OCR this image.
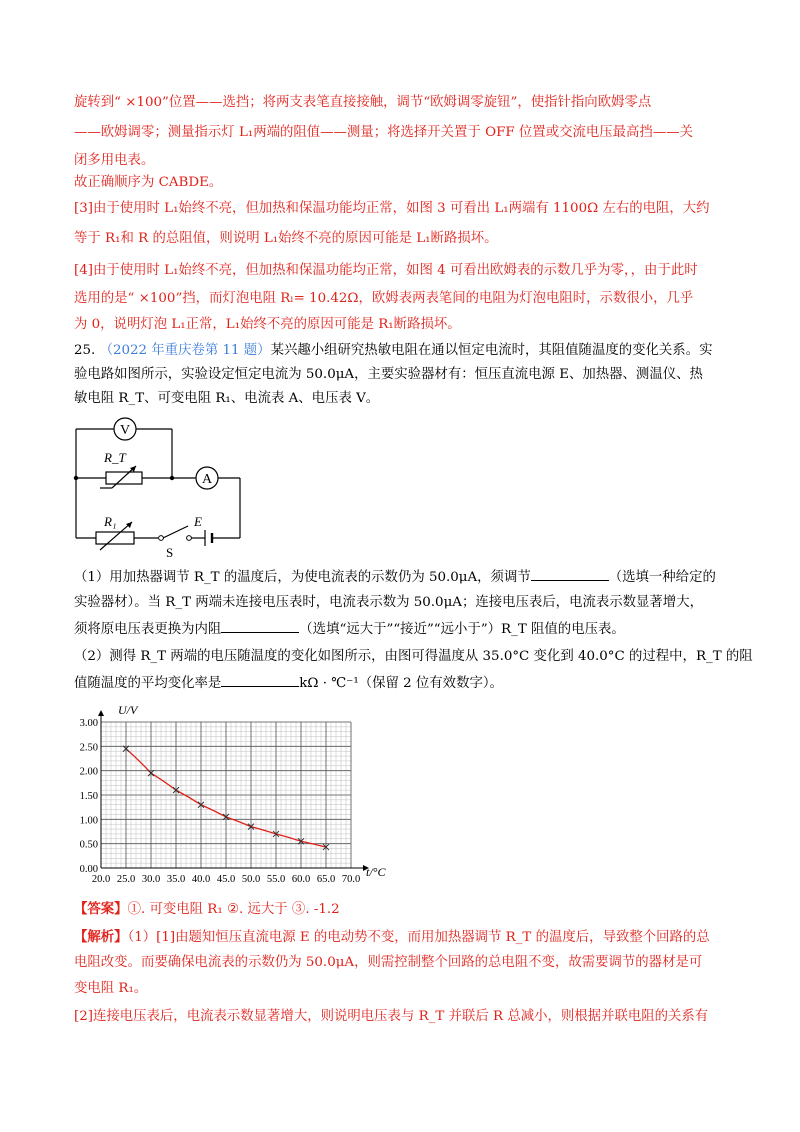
旋转到“ ×100”位置——选挡；将两支表笔直接接触，调节“欧姆调零旋钮”，使指针指向欧姆零点
——欧姆调零；测量指示灯 L₁两端的阻值——测量；将选择开关置于 OFF 位置或交流电压最高挡——关
闭多用电表。
故正确顺序为 CABDE。
[3]由于使用时 L₁始终不亮，但加热和保温功能均正常，如图 3 可看出 L₁两端有 1100Ω 左右的电阻，大约
等于 R₁和 R 的总阻值，则说明 L₁始终不亮的原因可能是 L₁断路损坏。
[4]由于使用时 L₁始终不亮，但加热和保温功能均正常，如图 4 可看出欧姆表的示数几乎为零，，由于此时
选用的是“ ×100”挡，而灯泡电阻 Rₗ= 10.42Ω，欧姆表两表笔间的电阻为灯泡电阻时，示数很小，几乎
为 0，说明灯泡 L₁正常，L₁始终不亮的原因可能是 R₁断路损坏。
25. （2022 年重庆卷第 11 题）某兴趣小组研究热敏电阻在通以恒定电流时，其阻值随温度的变化关系。实
验电路如图所示，实验设定恒定电流为 50.0μA，主要实验器材有：恒压直流电源 E、加热器、测温仪、热
敏电阻 R_T、可变电阻 R₁、电流表 A、电压表 V。
V
A
R_T
R₁
S
E
（1）用加热器调节 R_T 的温度后，为使电流表的示数仍为 50.0μA，须调节	（选填一种给定的
实验器材）。当 R_T 两端未连接电压表时，电流表示数为 50.0μA；连接电压表后，电流表示数显著增大，
须将原电压表更换为内阻	（选填“远大于”“接近”“远小于”）R_T 阻值的电压表。
（2）测得 R_T 两端的电压随温度的变化如图所示，由图可得温度从 35.0°C 变化到 40.0°C 的过程中，R_T 的阻
值随温度的平均变化率是	kΩ · ℃⁻¹（保留 2 位有效数字）。
20.0 25.0 30.0 35.0 40.0 45.0 50.0 55.0 60.0 65.0 70.0
0.00
0.50
1.00
1.50
2.00
2.50
3.00
U/V
t/°C
【答案】①. 可变电阻 R₁ ②. 远大于 ③. -1.2
【解析】（1）[1]由题知恒压直流电源 E 的电动势不变，而用加热器调节 R_T 的温度后，导致整个回路的总
电阻改变。而要确保电流表的示数仍为 50.0μA，则需控制整个回路的总电阻不变，故需要调节的器材是可
变电阻 R₁。
[2]连接电压表后，电流表示数显著增大，则说明电压表与 R_T 并联后 R 总减小，则根据并联电阻的关系有
